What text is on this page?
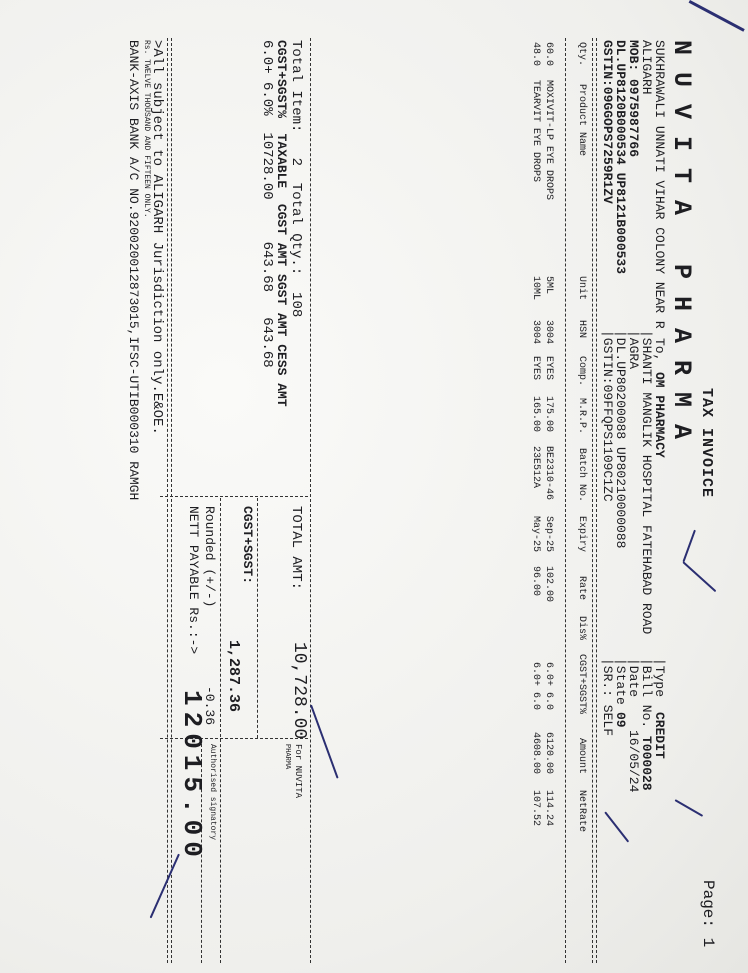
TAX INVOICE
Page: 1
N U V I T A   P H A R M A
SUKHRAWALI UNNATI VIHAR COLONY NEAR R
ALIGARH
MOB: 0975987766
DL.UP8120B000534 UP8121B000533
GSTIN:09GGOPS7259R1ZV
To,
OM PHARMACY
|SHANTI MANGLIK HOSPITAL FATEHABAD ROAD
|AGRA
|DL.UP80200088 UP80210000088
|GSTIN:09FFQPS1109C1ZC
|Type
CREDIT
|Bill No.
T000028
|Date
16/05/24
|State
09
|SR.: SELF
Qty.
Product Name
Unit
HSN
Comp.
M.R.P.
Batch No.
Expiry
Rate
Dis%
CGST+SGST%
Amount
NetRate
60.0
MOXIVIT-LP EYE DROPS
5ML
3004
EYES
175.00
BE2310-46
Sep-25
102.00
6.0+ 6.0
6120.00
114.24
48.0
TEARVIT EYE DROPS
10ML
3004
EYES
165.00
23E512A
May-25
96.00
6.0+ 6.0
4608.00
107.52
Total Item:   2  Total Qty.:  108
CGST+SGST%  TAXABLE  CGST AMT SGST AMT CESS AMT
6.0+ 6.0%  10728.00     643.68   643.68
TOTAL AMT:
10,728.00
For NUVITA
PHARMA
CGST+SGST:
1,287.36
Rounded (+/-)
-0.36
Authorised signatory
NETT PAYABLE Rs.:->
12015.00
>All subject to ALIGARH Jurisdiction only.E&OE.
Rs. TWELVE THOUSAND AND FIFTEEN ONLY.
BANK-AXIS BANK A/C NO.920020012873015,IFSC-UTIB000310 RAMGH
